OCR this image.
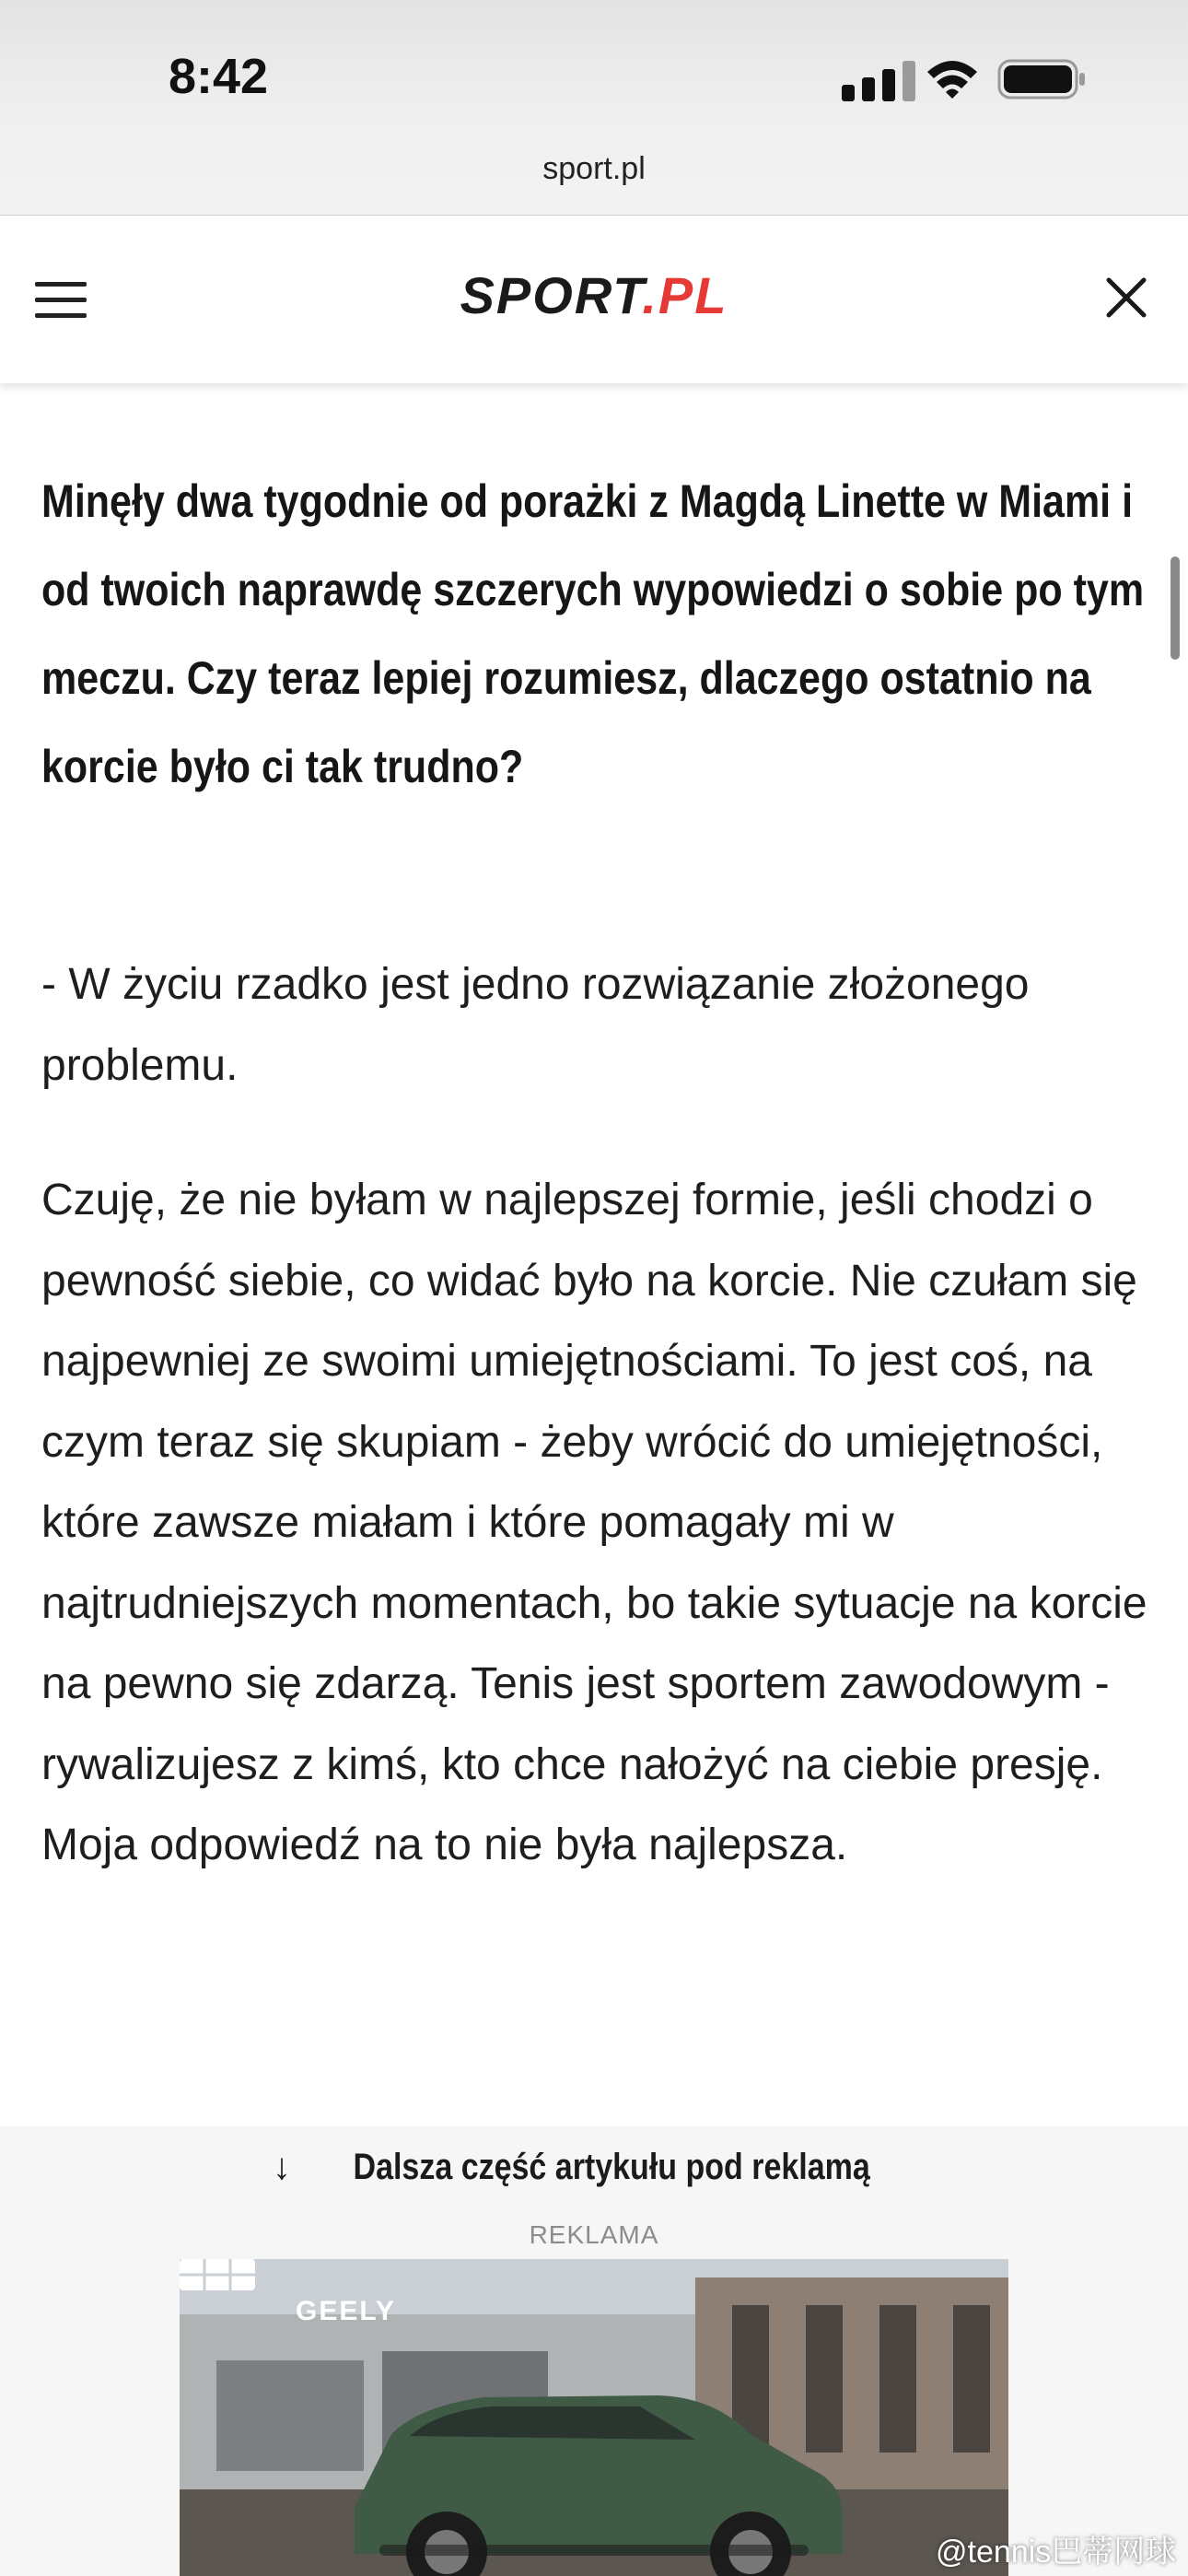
8:42
sport.pl
SPORT.PL
Minęły dwa tygodnie od porażki z Magdą Linette w Miami i od twoich naprawdę szczerych wypowiedzi o sobie po tym meczu. Czy teraz lepiej rozumiesz, dlaczego ostatnio na korcie było ci tak trudno?
- W życiu rzadko jest jedno rozwiązanie złożonego problemu.
Czuję, że nie byłam w najlepszej formie, jeśli chodzi o pewność siebie, co widać było na korcie. Nie czułam się najpewniej ze swoimi umiejętnościami. To jest coś, na czym teraz się skupiam - żeby wrócić do umiejętności, które zawsze miałam i które pomagały mi w najtrudniejszych momentach, bo takie sytuacje na korcie na pewno się zdarzą. Tenis jest sportem zawodowym - rywalizujesz z kimś, kto chce nałożyć na ciebie presję. Moja odpowiedź na to nie była najlepsza.
↓ Dalsza część artykułu pod reklamą
REKLAMA
GEELY
@tennis巴蒂网球
